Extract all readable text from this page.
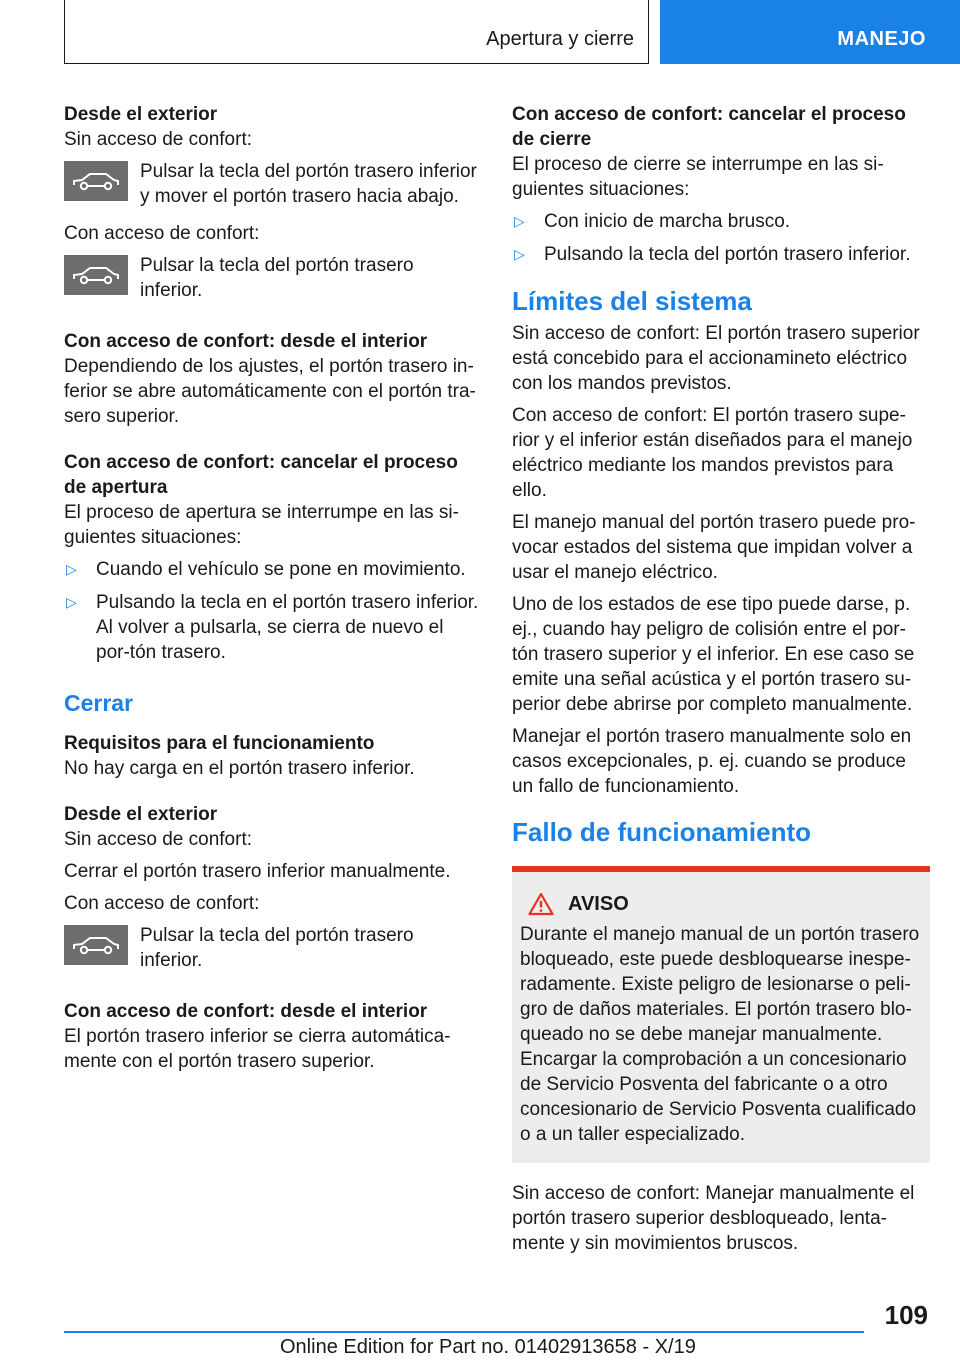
Apertura y cierre	MANEJO
Desde el exterior

Sin acceso de confort:

Pulsar la tecla del portón trasero inferior y mover el portón trasero hacia abajo.

Con acceso de confort:

Pulsar la tecla del portón trasero inferior.
Con acceso de confort: desde el interior

Dependiendo de los ajustes, el portón trasero in-ferior se abre automáticamente con el portón tra-sero superior.

Con acceso de confort: cancelar el proceso de apertura

El proceso de apertura se interrumpe en las si-guientes situaciones:

▷	Cuando el vehículo se pone en movimiento.
▷	Pulsando la tecla en el portón trasero inferior. Al volver a pulsarla, se cierra de nuevo el por-tón trasero.
Cerrar
Requisitos para el funcionamiento

No hay carga en el portón trasero inferior.

Desde el exterior

Sin acceso de confort:

Cerrar el portón trasero inferior manualmente.

Con acceso de confort:

Pulsar la tecla del portón trasero inferior.
Con acceso de confort: desde el interior

El portón trasero inferior se cierra automática-mente con el portón trasero superior.

Con acceso de confort: cancelar el proceso de cierre

El proceso de cierre se interrumpe en las si-guientes situaciones:

▷	Con inicio de marcha brusco.
▷	Pulsando la tecla del portón trasero inferior.
Límites del sistema

Sin acceso de confort: El portón trasero superior está concebido para el accionamineto eléctrico con los mandos previstos.

Con acceso de confort: El portón trasero supe-rior y el inferior están diseñados para el manejo eléctrico mediante los mandos previstos para ello.

El manejo manual del portón trasero puede pro-vocar estados del sistema que impidan volver a usar el manejo eléctrico.

Uno de los estados de ese tipo puede darse, p. ej., cuando hay peligro de colisión entre el por-tón trasero superior y el inferior. En ese caso se emite una señal acústica y el portón trasero su-perior debe abrirse por completo manualmente.

Manejar el portón trasero manualmente solo en casos excepcionales, p. ej. cuando se produce un fallo de funcionamiento.

Fallo de funcionamiento
AVISO

Durante el manejo manual de un portón trasero bloqueado, este puede desbloquearse inespe-radamente. Existe peligro de lesionarse o peli-gro de daños materiales. El portón trasero blo-queado no se debe manejar manualmente. Encargar la comprobación a un concesionario de Servicio Posventa del fabricante o a otro concesionario de Servicio Posventa cualificado o a un taller especializado.

Sin acceso de confort: Manejar manualmente el portón trasero superior desbloqueado, lenta-mente y sin movimientos bruscos.

109
Online Edition for Part no. 01402913658 - X/19
